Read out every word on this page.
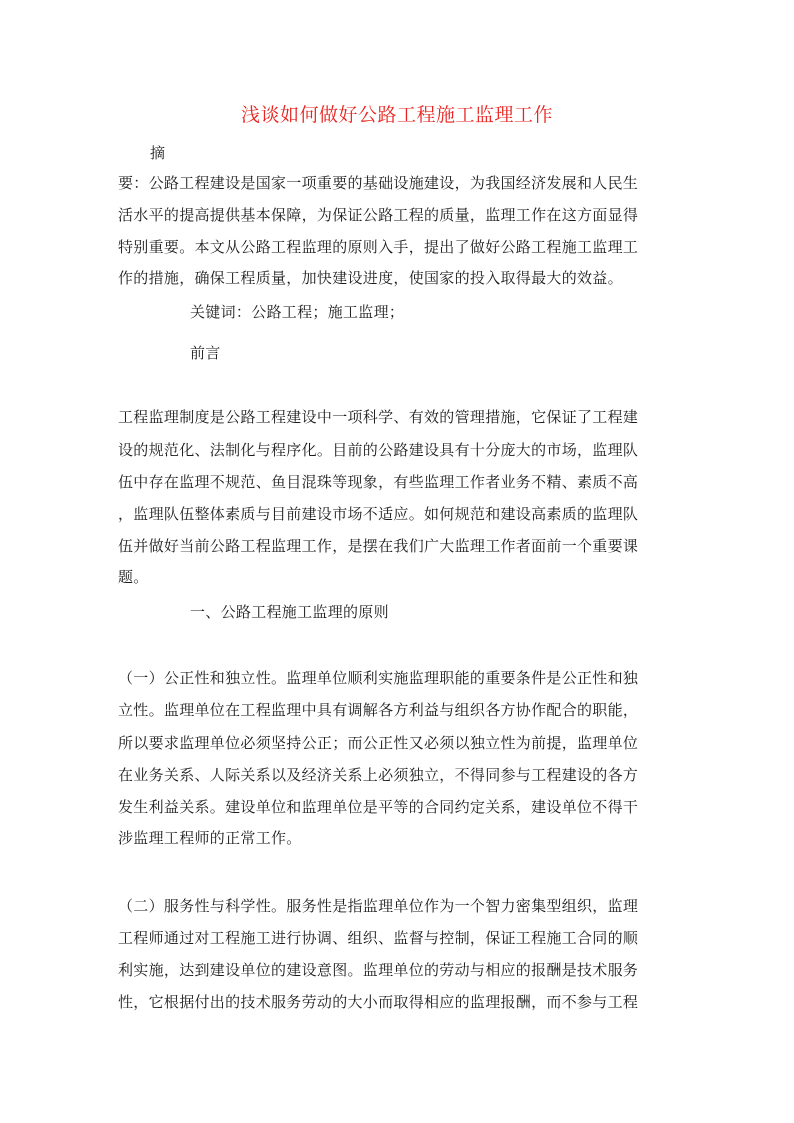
浅谈如何做好公路工程施工监理工作
摘
要：公路工程建设是国家一项重要的基础设施建设，为我国经济发展和人民生
活水平的提高提供基本保障，为保证公路工程的质量，监理工作在这方面显得
特别重要。本文从公路工程监理的原则入手，提出了做好公路工程施工监理工
作的措施，确保工程质量，加快建设进度，使国家的投入取得最大的效益。
关键词：公路工程；施工监理；
前言
工程监理制度是公路工程建设中一项科学、有效的管理措施，它保证了工程建
设的规范化、法制化与程序化。目前的公路建设具有十分庞大的市场，监理队
伍中存在监理不规范、鱼目混珠等现象，有些监理工作者业务不精、素质不高
，监理队伍整体素质与目前建设市场不适应。如何规范和建设高素质的监理队
伍并做好当前公路工程监理工作，是摆在我们广大监理工作者面前一个重要课
题。
一、公路工程施工监理的原则
（一）公正性和独立性。监理单位顺利实施监理职能的重要条件是公正性和独
立性。监理单位在工程监理中具有调解各方利益与组织各方协作配合的职能，
所以要求监理单位必须坚持公正；而公正性又必须以独立性为前提，监理单位
在业务关系、人际关系以及经济关系上必须独立，不得同参与工程建设的各方
发生利益关系。建设单位和监理单位是平等的合同约定关系，建设单位不得干
涉监理工程师的正常工作。
（二）服务性与科学性。服务性是指监理单位作为一个智力密集型组织，监理
工程师通过对工程施工进行协调、组织、监督与控制，保证工程施工合同的顺
利实施，达到建设单位的建设意图。监理单位的劳动与相应的报酬是技术服务
性，它根据付出的技术服务劳动的大小而取得相应的监理报酬，而不参与工程
